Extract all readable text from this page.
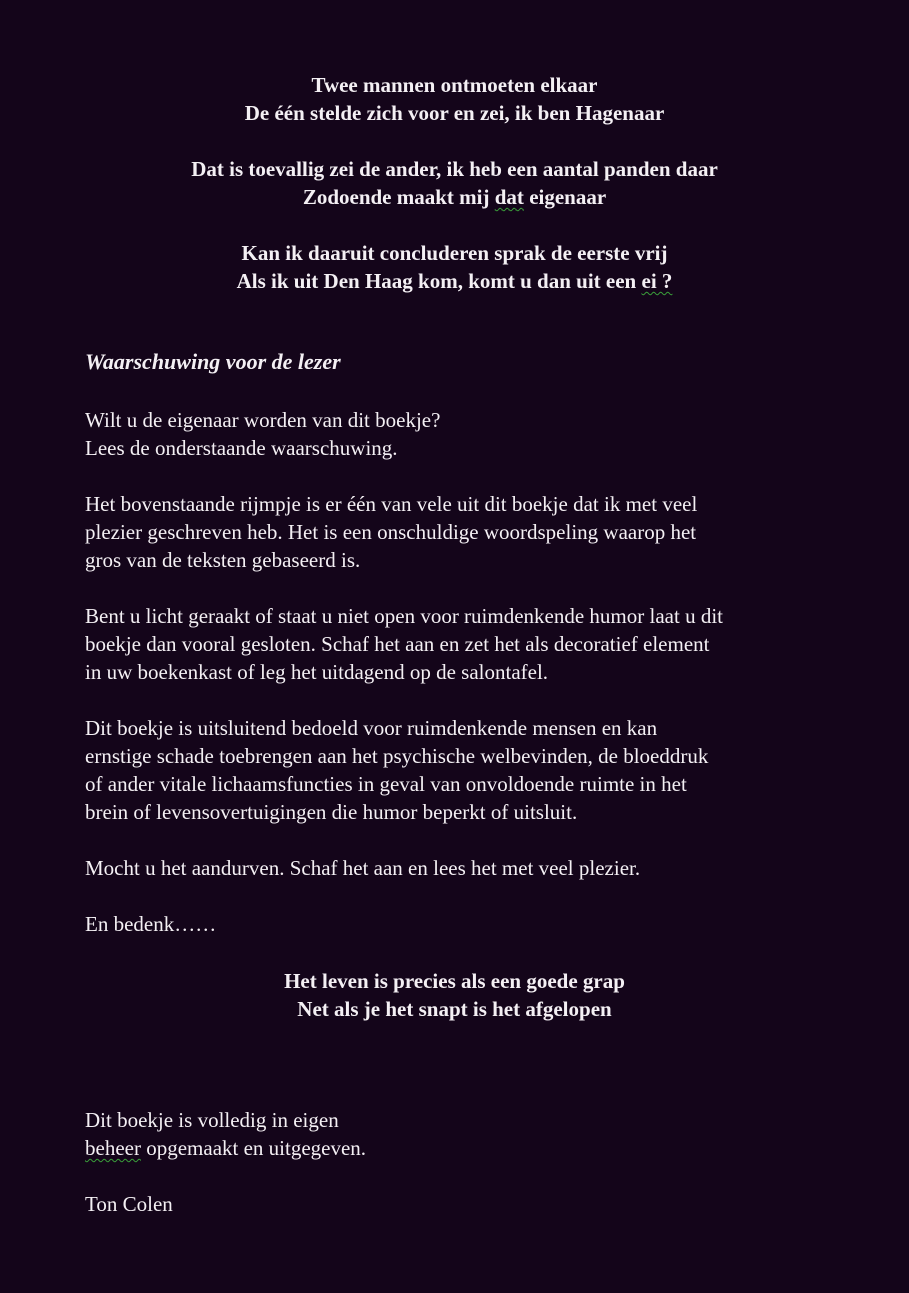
Twee mannen ontmoeten elkaar
De één stelde zich voor en zei, ik ben Hagenaar
Dat is toevallig zei de ander, ik heb een aantal panden daar
Zodoende maakt mij dat eigenaar
Kan ik daaruit concluderen sprak de eerste vrij
Als ik uit Den Haag kom, komt u dan uit een ei ?
Waarschuwing voor de lezer
Wilt u de eigenaar worden van dit boekje?
Lees de onderstaande waarschuwing.
Het bovenstaande rijmpje is er één van vele uit dit boekje dat ik met veel
plezier geschreven heb. Het is een onschuldige woordspeling waarop het
gros van de teksten gebaseerd is.
Bent u licht geraakt of staat u niet open voor ruimdenkende humor laat u dit
boekje dan vooral gesloten. Schaf het aan en zet het als decoratief element
in uw boekenkast of leg het uitdagend op de salontafel.
Dit boekje is uitsluitend bedoeld voor ruimdenkende mensen en kan
ernstige schade toebrengen aan het psychische welbevinden, de bloeddruk
of ander vitale lichaamsfuncties in geval van onvoldoende ruimte in het
brein of levensovertuigingen die humor beperkt of uitsluit.
Mocht u het aandurven. Schaf het aan en lees het met veel plezier.
En bedenk……
Het leven is precies als een goede grap
Net als je het snapt is het afgelopen
Dit boekje is volledig in eigen
beheer opgemaakt en uitgegeven.
Ton Colen
